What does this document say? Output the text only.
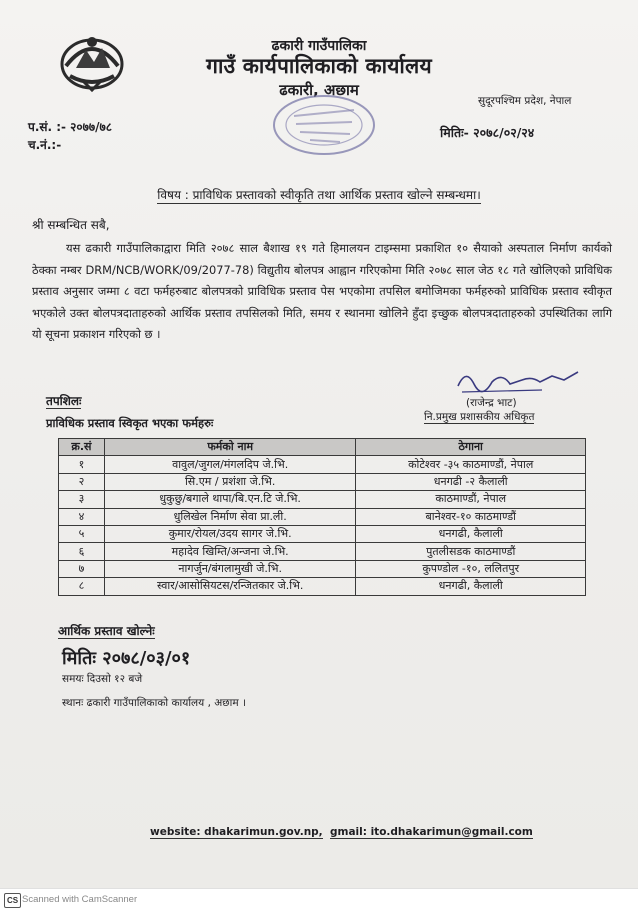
ढकारी गाउँपालिका
गाउँ कार्यपालिकाको कार्यालय
ढकारी, अछाम
सुदूरपश्चिम प्रदेश, नेपाल
प.सं. :- २०७७/७८
च.नं.:-
मितिः- २०७८/०२/२४
विषय : प्राविधिक प्रस्तावको स्वीकृति तथा आर्थिक प्रस्ताव खोल्ने सम्बन्धमा।
श्री सम्बन्धित सबै,
यस ढकारी गाउँपालिकाद्वारा मिति २०७८ साल बैशाख १९ गते हिमालयन टाइम्समा प्रकाशित १० सैयाको अस्पताल निर्माण कार्यको ठेक्का नम्बर DRM/NCB/WORK/09/2077-78) विद्युतीय बोलपत्र आह्वान गरिएकोमा मिति २०७८ साल जेठ १८ गते खोलिएको प्राविधिक प्रस्ताव अनुसार जम्मा ८ वटा फर्महरुबाट बोलपत्रको प्राविधिक प्रस्ताव पेस भएकोमा तपसिल बमोजिमका फर्महरुको प्राविधिक प्रस्ताव स्वीकृत भएकोले उक्त बोलपत्रदाताहरुको आर्थिक प्रस्ताव तपसिलको मिति, समय र स्थानमा खोलिने हुँदा इच्छुक बोलपत्रदाताहरुको उपस्थितिका लागि यो सूचना प्रकाशन गरिएको छ ।
(राजेन्द्र भाट)
नि.प्रमुख प्रशासकीय अधिकृत
तपशिलः
प्राविधिक प्रस्ताव स्विकृत भएका फर्महरुः
क्र.सं	फर्मको नाम	ठेगाना
१	वावुल/जुगल/मंगलदिप जे.भि.	कोटेश्वर -३५ काठमाण्डौं, नेपाल
२	सि.एम / प्रशंशा जे.भि.	धनगढी -२ कैलाली
३	धुकुछु/बगाले थापा/बि.एन.टि जे.भि.	काठमाण्डौं, नेपाल
४	धुलिखेल निर्माण सेवा प्रा.ली.	बानेश्वर-१० काठमाण्डौं
५	कुमार/रोयल/उदय सागर जे.भि.	धनगढी, कैलाली
६	महादेव खिम्ति/अन्जना जे.भि.	पुतलीसडक काठमाण्डौं
७	नागर्जुन/बंगलामुखी जे.भि.	कुपण्डोल -१०, ललितपुर
८	स्वार/आसोसियटस/रन्जितकार जे.भि.	धनगढी, कैलाली
आर्थिक प्रस्ताव खोल्नेः
मितिः २०७८/०३/०१
समयः दिउसो १२ बजे
स्थानः ढकारी गाउँपालिकाको कार्यालय , अछाम ।
website: dhakarimun.gov.np, gmail: ito.dhakarimun@gmail.com
CS Scanned with CamScanner
